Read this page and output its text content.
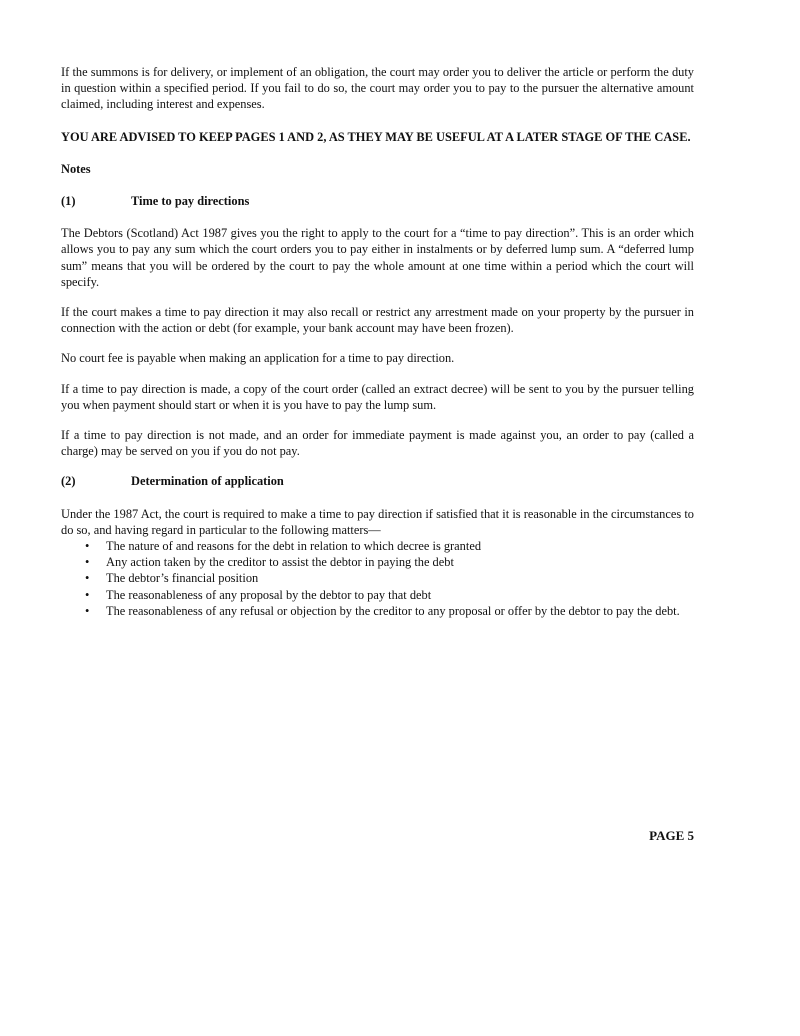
If the summons is for delivery, or implement of an obligation, the court may order you to deliver the article or perform the duty in question within a specified period. If you fail to do so, the court may order you to pay to the pursuer the alternative amount claimed, including interest and expenses.

YOU ARE ADVISED TO KEEP PAGES 1 AND 2, AS THEY MAY BE USEFUL AT A LATER STAGE OF THE CASE.

Notes

(1)	Time to pay directions

The Debtors (Scotland) Act 1987 gives you the right to apply to the court for a “time to pay direction”. This is an order which allows you to pay any sum which the court orders you to pay either in instalments or by deferred lump sum. A “deferred lump sum” means that you will be ordered by the court to pay the whole amount at one time within a period which the court will specify.

If the court makes a time to pay direction it may also recall or restrict any arrestment made on your property by the pursuer in connection with the action or debt (for example, your bank account may have been frozen).

No court fee is payable when making an application for a time to pay direction.

If a time to pay direction is made, a copy of the court order (called an extract decree) will be sent to you by the pursuer telling you when payment should start or when it is you have to pay the lump sum.

If a time to pay direction is not made, and an order for immediate payment is made against you, an order to pay (called a charge) may be served on you if you do not pay.

(2)	Determination of application

Under the 1987 Act, the court is required to make a time to pay direction if satisfied that it is reasonable in the circumstances to do so, and having regard in particular to the following matters—

• The nature of and reasons for the debt in relation to which decree is granted
• Any action taken by the creditor to assist the debtor in paying the debt
• The debtor’s financial position
• The reasonableness of any proposal by the debtor to pay that debt
• The reasonableness of any refusal or objection by the creditor to any proposal or offer by the debtor to pay the debt.
PAGE 5
